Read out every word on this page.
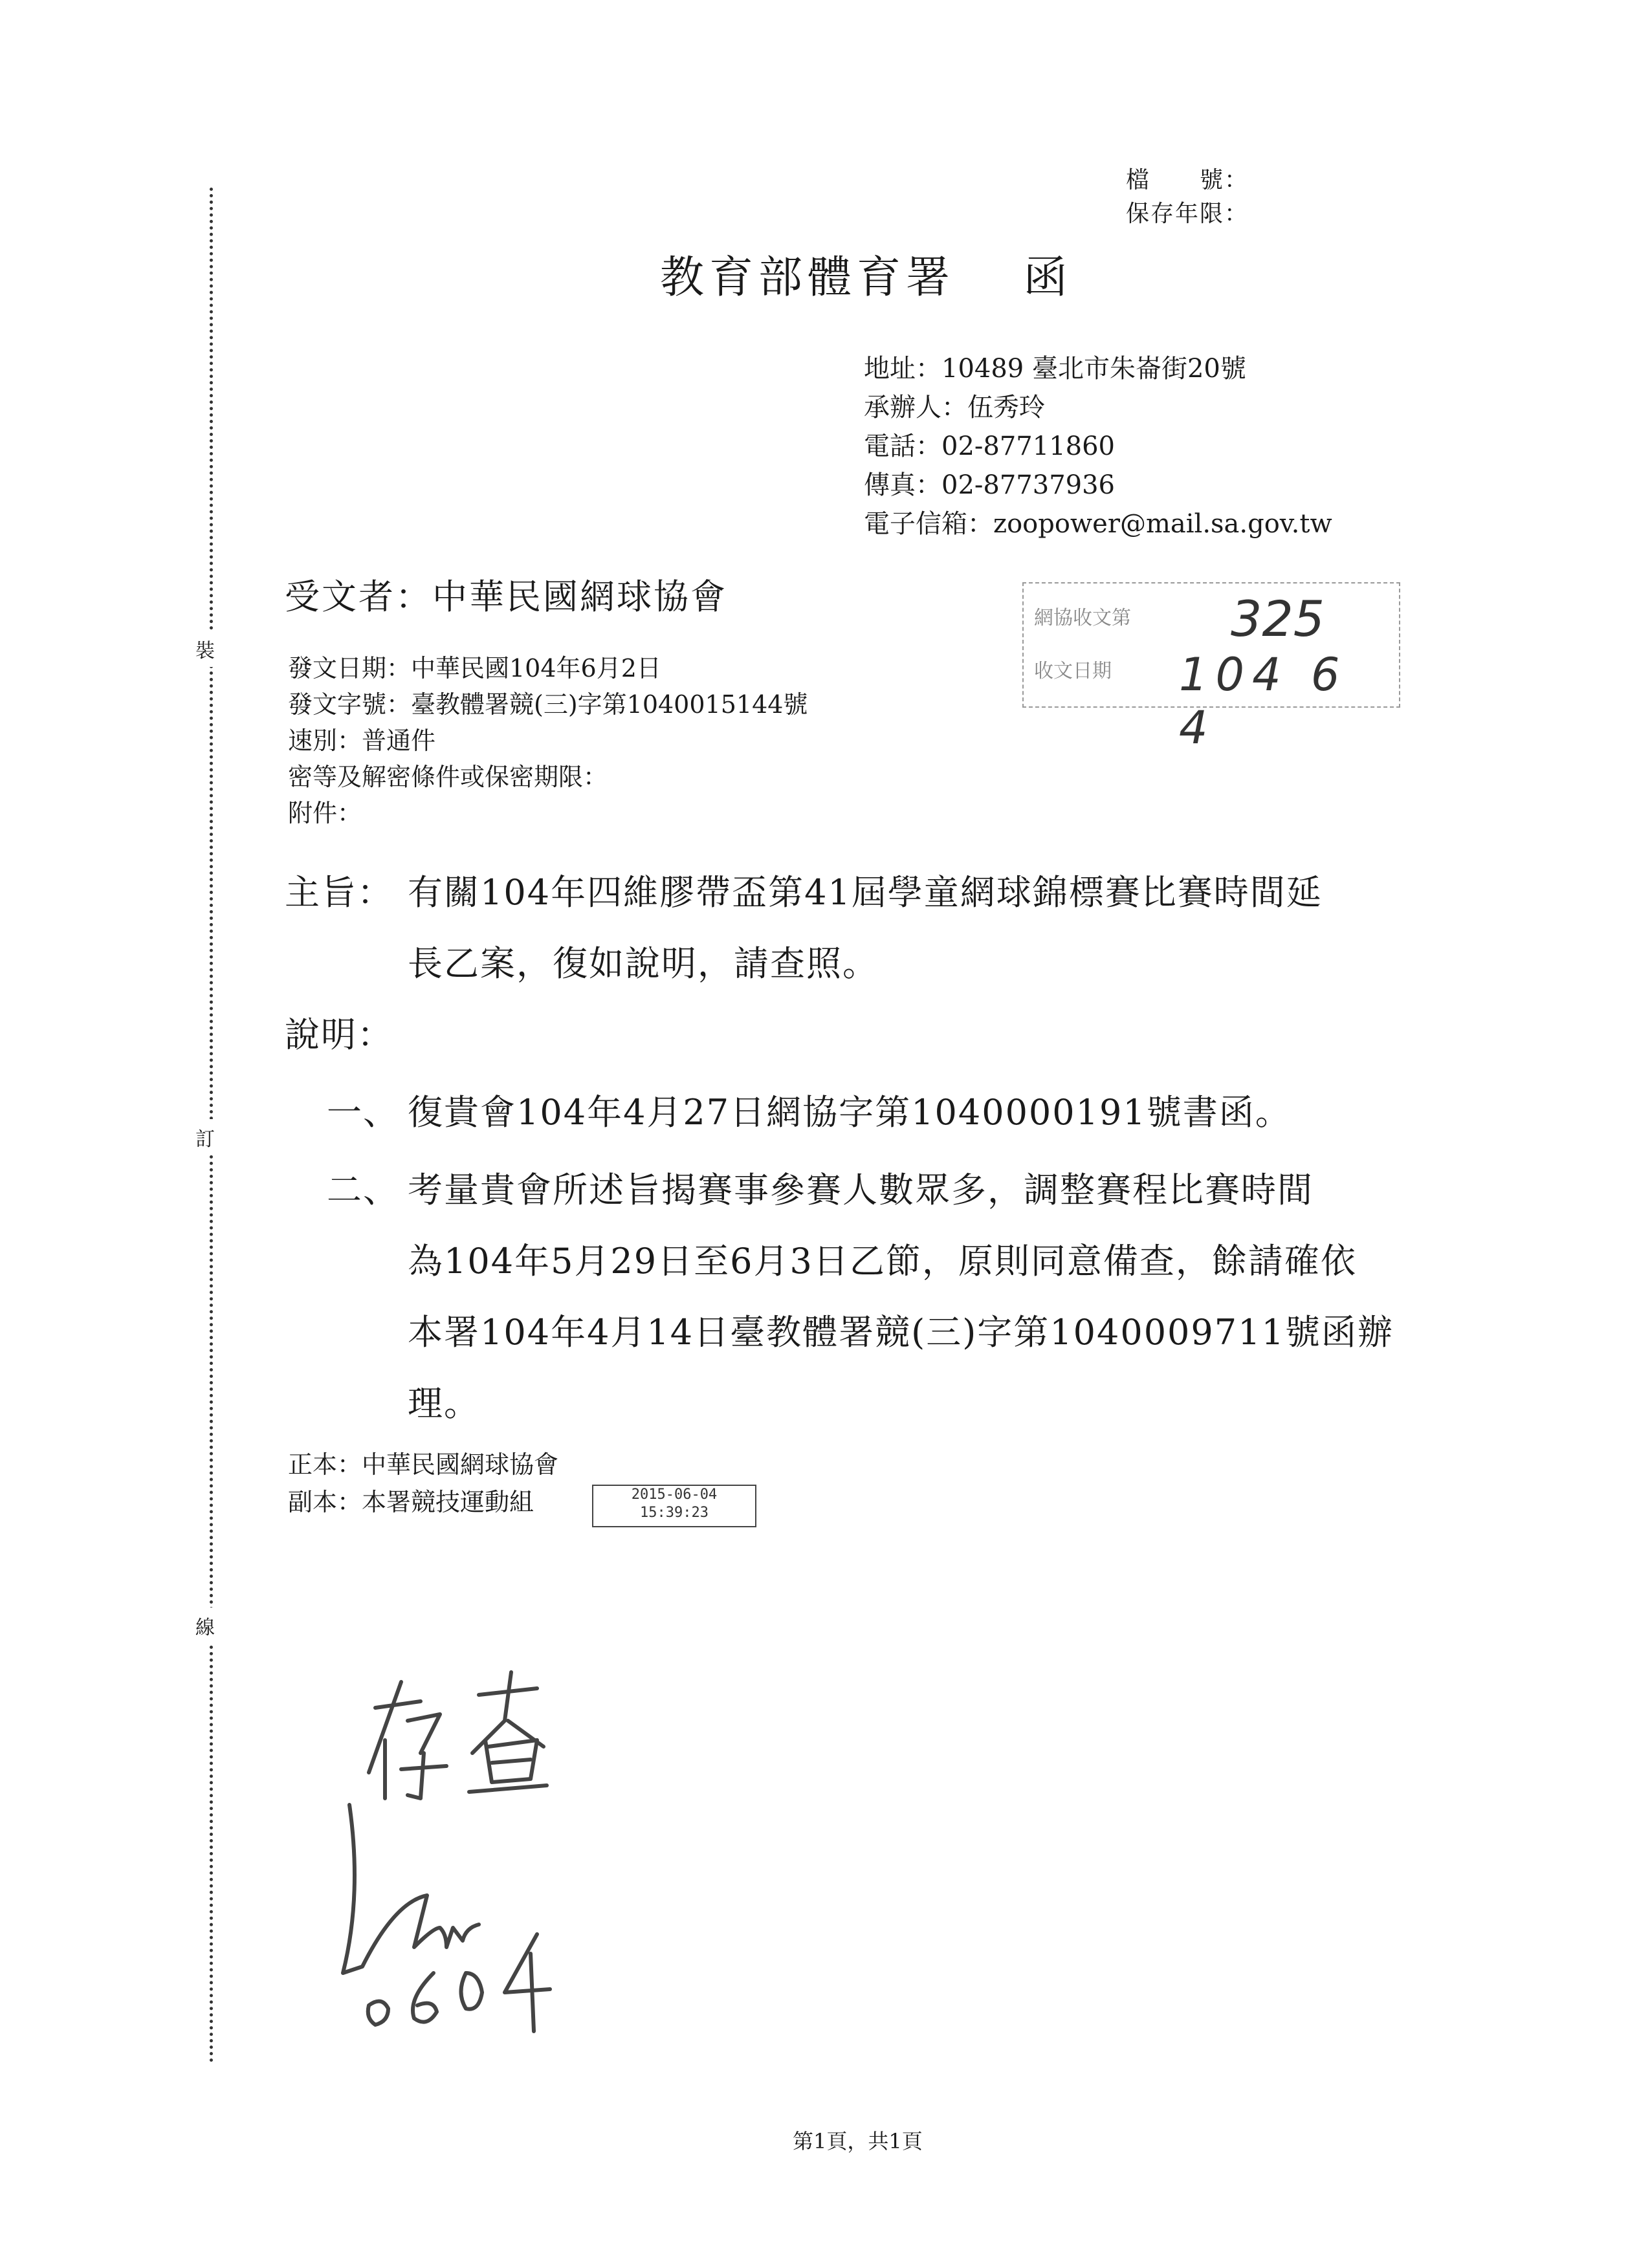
裝
訂
線
檔　　號：
保存年限：
教育部體育署　 函
地址：10489 臺北市朱崙街20號
承辦人：伍秀玲
電話：02-87711860
傳真：02-87737936
電子信箱：zoopower@mail.sa.gov.tw
受文者：中華民國網球協會
網協收文第
收文日期
325
104 6 4
發文日期：中華民國104年6月2日
發文字號：臺教體署競(三)字第1040015144號
速別：普通件
密等及解密條件或保密期限：
附件：
主旨： 有關104年四維膠帶盃第41屆學童網球錦標賽比賽時間延
長乙案，復如說明，請查照。
說明：
一、 復貴會104年4月27日網協字第1040000191號書函。
二、 考量貴會所述旨揭賽事參賽人數眾多，調整賽程比賽時間
為104年5月29日至6月3日乙節，原則同意備查，餘請確依
本署104年4月14日臺教體署競(三)字第1040009711號函辦
理。
正本：中華民國網球協會
副本：本署競技運動組	2015-06-04
15:39:23
第1頁，共1頁
